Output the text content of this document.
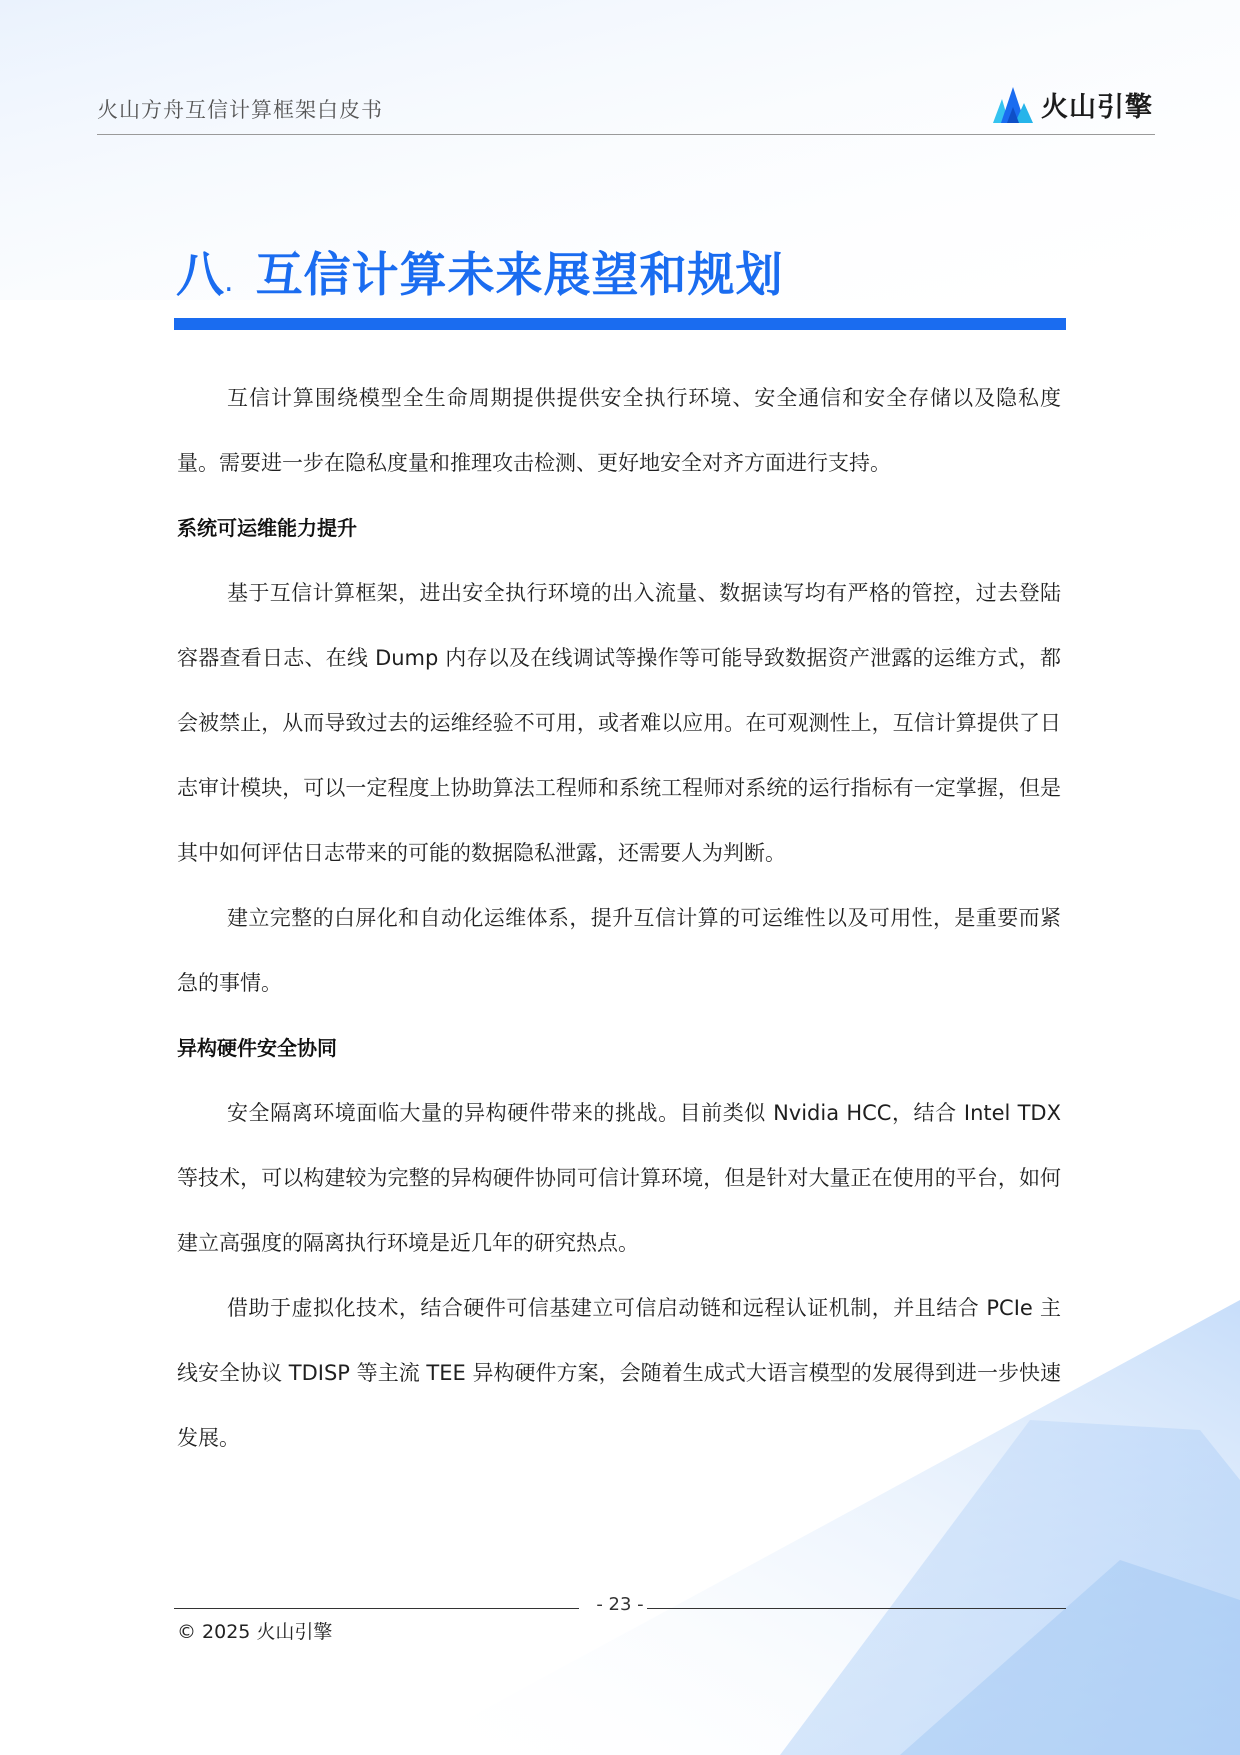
火山方舟互信计算框架白皮书	火山引擎
八 . 互信计算未来展望和规划

互信计算围绕模型全生命周期提供提供安全执行环境、安全通信和安全存储以及隐私度量。需要进一步在隐私度量和推理攻击检测、更好地安全对齐方面进行支持。

系统可运维能力提升

基于互信计算框架，进出安全执行环境的出入流量、数据读写均有严格的管控，过去登陆容器查看日志、在线 Dump 内存以及在线调试等操作等可能导致数据资产泄露的运维方式，都会被禁止，从而导致过去的运维经验不可用，或者难以应用。在可观测性上，互信计算提供了日志审计模块，可以一定程度上协助算法工程师和系统工程师对系统的运行指标有一定掌握，但是其中如何评估日志带来的可能的数据隐私泄露，还需要人为判断。

建立完整的白屏化和自动化运维体系，提升互信计算的可运维性以及可用性，是重要而紧急的事情。

异构硬件安全协同

安全隔离环境面临大量的异构硬件带来的挑战。目前类似 Nvidia HCC，结合 Intel TDX 等技术，可以构建较为完整的异构硬件协同可信计算环境，但是针对大量正在使用的平台，如何建立高强度的隔离执行环境是近几年的研究热点。

借助于虚拟化技术，结合硬件可信基建立可信启动链和远程认证机制，并且结合 PCIe 主线安全协议 TDISP 等主流 TEE 异构硬件方案，会随着生成式大语言模型的发展得到进一步快速发展。

- 23 -
© 2025 火山引擎
